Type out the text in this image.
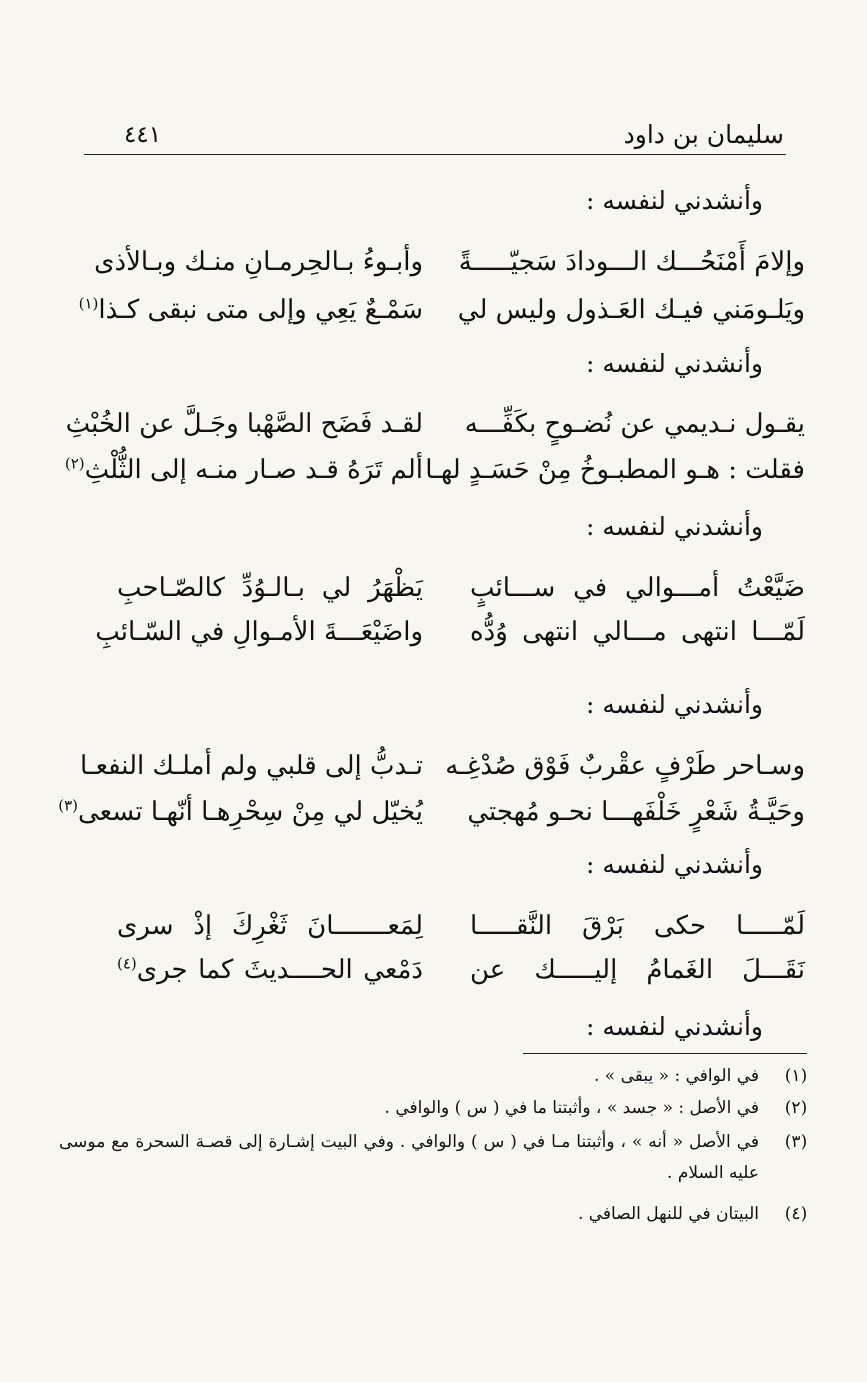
سليمان بن داود
٤٤١
وأنشدني لنفسه :
وأنشدني لنفسه :
وأنشدني لنفسه :
وأنشدني لنفسه :
وأنشدني لنفسه :
وأنشدني لنفسه :
وإلامَ أَمْنَحُـــك الـــودادَ سَجيّـــــةً
وأبـوءُ بـالحِرمـانِ منـك وبـالأذى
ويَلـومَني فيـك العَـذول وليس لي
سَمْـعٌ يَعِي وإلى متى نبقى كـذا$^{(١)}$
يقـول نـديمي عن نُضـوحٍ بكَفِّـــه
لقـد فَضَح الصَّهْبا وجَـلَّ عن الخُبْثِ
فقلت : هـو المطبـوخُ مِنْ حَسَـدٍ لهـا
ألم تَرَهُ قـد صـار منـه إلى الثُّلْثِ$^{(٢)}$
ضَيَّعْتُ أمـــوالي في ســـائبٍ
يَظْهَرُ لي بـالـوُدِّ كالصّـاحبِ
لَمّـــا انتهى مـــالي انتهى وُدُّه
واضَيْعَـــةَ الأمـوالِ في السّـائبِ
وسـاحر طَرْفٍ عقْربٌ فَوْق صُدْغِـه
تـدبُّ إلى قلبي ولم أملـك النفعـا
وحَيَّـةُ شَعْرٍ خَلْفَهـــا نحـو مُهجتي
يُخيّل لي مِنْ سِحْرِهـا أنّهـا تسعى$^{(٣)}$
لَمّـــــا حكى بَرْقَ النَّقـــــا
لِمَعـــــــانَ ثَغْرِكَ إذْ سرى
نَقَـــلَ الغَمامُ إليـــــك عن
دَمْعي الحــــديثَ كما جرى$^{(٤)}$
(١)
في الوافي : « يبقى » .
(٢)
في الأصل : « جسد » ، وأثبتنا ما في ( س ) والوافي .
(٣)
في الأصل « أنه » ، وأثبتنا مـا في ( س ) والوافي . وفي البيت إشـارة إلى قصـة السحرة مع موسى عليه السلام .
(٤)
البيتان في للنهل الصافي .
